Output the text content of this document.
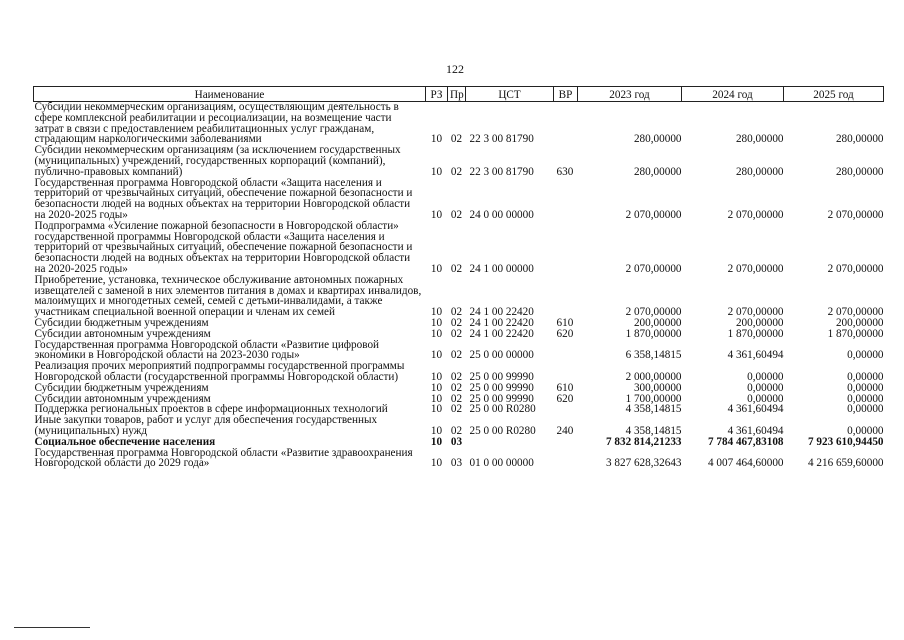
122
Наименование	РЗ	Пр	ЦСТ	ВР	2023 год	2024 год	2025 год
Субсидии некоммерческим организациям, осуществляющим деятельность в сфере комплексной реабилитации и ресоциализации, на возмещение части затрат в связи с предоставлением реабилитационных услуг гражданам, страдающим наркологическими заболеваниями	10	02	22 3 00 81790		280,00000	280,00000	280,00000
Субсидии некоммерческим организациям (за исключением государственных (муниципальных) учреждений, государственных корпораций (компаний), публично-правовых компаний)	10	02	22 3 00 81790	630	280,00000	280,00000	280,00000
Государственная программа Новгородской области «Защита населения и территорий от чрезвычайных ситуаций, обеспечение пожарной безопасности и безопасности людей на водных объектах на территории Новгородской области на 2020-2025 годы»	10	02	24 0 00 00000		2 070,00000	2 070,00000	2 070,00000
Подпрограмма «Усиление пожарной безопасности в Новгородской области» государственной программы Новгородской области «Защита населения и территорий от чрезвычайных ситуаций, обеспечение пожарной безопасности и безопасности людей на водных объектах на территории Новгородской области на 2020-2025 годы»	10	02	24 1 00 00000		2 070,00000	2 070,00000	2 070,00000
Приобретение, установка, техническое обслуживание автономных пожарных извещателей с заменой в них элементов питания в домах и квартирах инвалидов, малоимущих и многодетных семей, семей с детьми-инвалидами, а также участникам специальной военной операции и членам их семей	10	02	24 1 00 22420		2 070,00000	2 070,00000	2 070,00000
Субсидии бюджетным учреждениям	10	02	24 1 00 22420	610	200,00000	200,00000	200,00000
Субсидии автономным учреждениям	10	02	24 1 00 22420	620	1 870,00000	1 870,00000	1 870,00000
Государственная программа Новгородской области «Развитие цифровой экономики в Новгородской области на 2023-2030 годы»	10	02	25 0 00 00000		6 358,14815	4 361,60494	0,00000
Реализация прочих мероприятий подпрограммы государственной программы Новгородской области (государственной программы Новгородской области)	10	02	25 0 00 99990		2 000,00000	0,00000	0,00000
Субсидии бюджетным учреждениям	10	02	25 0 00 99990	610	300,00000	0,00000	0,00000
Субсидии автономным учреждениям	10	02	25 0 00 99990	620	1 700,00000	0,00000	0,00000
Поддержка региональных проектов в сфере информационных технологий	10	02	25 0 00 R0280		4 358,14815	4 361,60494	0,00000
Иные закупки товаров, работ и услуг для обеспечения государственных (муниципальных) нужд	10	02	25 0 00 R0280	240	4 358,14815	4 361,60494	0,00000
Социальное обеспечение населения	10	03			7 832 814,21233	7 784 467,83108	7 923 610,94450
Государственная программа Новгородской области «Развитие здравоохранения Новгородской области до 2029 года»	10	03	01 0 00 00000		3 827 628,32643	4 007 464,60000	4 216 659,60000
